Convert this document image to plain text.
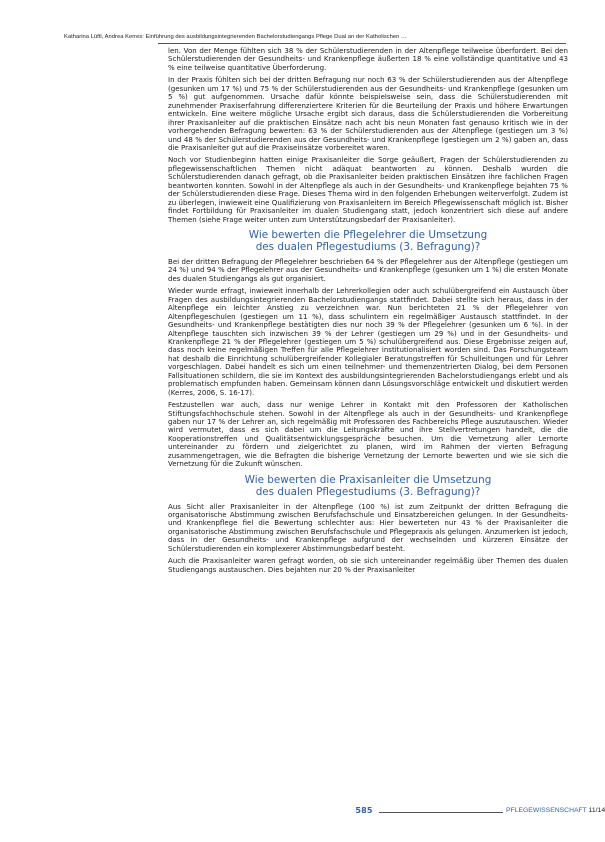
Katharina Lüftl, Andrea Kerres: Einführung des ausbildungsintegrierenden Bachelorstudiengangs Pflege Dual an der Katholischen …

len. Von der Menge fühlten sich 38 % der Schülerstudierenden in der Altenpflege teilweise überfordert. Bei den Schülerstudierenden der Gesundheits- und Krankenpflege äußerten 18 % eine vollständige quantitative und 43 % eine teilweise quantitative Überforderung.

In der Praxis fühlten sich bei der dritten Befragung nur noch 63 % der Schülerstudierenden aus der Altenpflege (gesunken um 17 %) und 75 % der Schülerstudierenden aus der Gesundheits- und Krankenpflege (gesunken um 5 %) gut aufgenommen. Ursache dafür könnte beispielsweise sein, dass die Schülerstudierenden mit zunehmender Praxiserfahrung differenziertere Kriterien für die Beurteilung der Praxis und höhere Erwartungen entwickeln. Eine weitere mögliche Ursache ergibt sich daraus, dass die Schülerstudierenden die Vorbereitung ihrer Praxisanleiter auf die praktischen Einsätze nach acht bis neun Monaten fast genauso kritisch wie in der vorhergehenden Befragung bewerten: 63 % der Schülerstudierenden aus der Altenpflege (gestiegen um 3 %) und 48 % der Schülerstudierenden aus der Gesundheits- und Krankenpflege (gestiegen um 2 %) gaben an, dass die Praxisanleiter gut auf die Praxiseinsätze vorbereitet waren.

Noch vor Studienbeginn hatten einige Praxisanleiter die Sorge geäußert, Fragen der Schülerstudierenden zu pflegewissenschaftlichen Themen nicht adäquat beantworten zu können. Deshalb wurden die Schülerstudierenden danach gefragt, ob die Praxisanleiter beiden praktischen Einsätzen ihre fachlichen Fragen beantworten konnten. Sowohl in der Altenpflege als auch in der Gesundheits- und Krankenpflege bejahten 75 % der Schülerstudierenden diese Frage. Dieses Thema wird in den folgenden Erhebungen weiterverfolgt. Zudem ist zu überlegen, inwieweit eine Qualifizierung von Praxisanleitern im Bereich Pflegewissenschaft möglich ist. Bisher findet Fortbildung für Praxisanleiter im dualen Studiengang statt, jedoch konzentriert sich diese auf andere Themen (siehe Frage weiter unten zum Unterstützungsbedarf der Praxisanleiter).

Wie bewerten die Pflegelehrer die Umsetzung
des dualen Pflegestudiums (3. Befragung)?

Bei der dritten Befragung der Pflegelehrer beschrieben 64 % der Pflegelehrer aus der Altenpflege (gestiegen um 24 %) und 94 % der Pflegelehrer aus der Gesundheits- und Krankenpflege (gesunken um 1 %) die ersten Monate des dualen Studiengangs als gut organisiert.

Wieder wurde erfragt, inwieweit innerhalb der Lehrerkollegien oder auch schulübergreifend ein Austausch über Fragen des ausbildungsintegrierenden Bachelorstudiengangs stattfindet. Dabei stellte sich heraus, dass in der Altenpflege ein leichter Anstieg zu verzeichnen war. Nun berichteten 21 % der Pflegelehrer von Altenpflegeschulen (gestiegen um 11 %), dass schulintern ein regelmäßiger Austausch stattfindet. In der Gesundheits- und Krankenpflege bestätigten dies nur noch 39 % der Pflegelehrer (gesunken um 6 %). In der Altenpflege tauschten sich inzwischen 39 % der Lehrer (gestiegen um 29 %) und in der Gesundheits- und Krankenpflege 21 % der Pflegelehrer (gestiegen um 5 %) schulübergreifend aus. Diese Ergebnisse zeigen auf, dass noch keine regelmäßigen Treffen für alle Pflegelehrer institutionalisiert worden sind. Das Forschungsteam hat deshalb die Einrichtung schulübergreifender Kollegialer Beratungstreffen für Schulleitungen und für Lehrer vorgeschlagen. Dabei handelt es sich um einen teilnehmer- und themenzentrierten Dialog, bei dem Personen Fallsituationen schildern, die sie im Kontext des ausbildungsintegrierenden Bachelorstudiengangs erlebt und als problematisch empfunden haben. Gemeinsam können dann Lösungsvorschläge entwickelt und diskutiert werden (Kerres, 2006, S. 16-17).

Festzustellen war auch, dass nur wenige Lehrer in Kontakt mit den Professoren der Katholischen Stiftungsfachhochschule stehen. Sowohl in der Altenpflege als auch in der Gesundheits- und Krankenpflege gaben nur 17 % der Lehrer an, sich regelmäßig mit Professoren des Fachbereichs Pflege auszutauschen. Wieder wird vermutet, dass es sich dabei um die Leitungskräfte und ihre Stellvertretungen handelt, die die Kooperationstreffen und Qualitätsentwicklungsgespräche besuchen. Um die Vernetzung aller Lernorte untereinander zu fördern und zielgerichtet zu planen, wird im Rahmen der vierten Befragung zusammengetragen, wie die Befragten die bisherige Vernetzung der Lernorte bewerten und wie sie sich die Vernetzung für die Zukunft wünschen.

Wie bewerten die Praxisanleiter die Umsetzung
des dualen Pflegestudiums (3. Befragung)?

Aus Sicht aller Praxisanleiter in der Altenpflege (100 %) ist zum Zeitpunkt der dritten Befragung die organisatorische Abstimmung zwischen Berufsfachschule und Einsatzbereichen gelungen. In der Gesundheits- und Krankenpflege fiel die Bewertung schlechter aus: Hier bewerteten nur 43 % der Praxisanleiter die organisatorische Abstimmung zwischen Berufsfachschule und Pflegepraxis als gelungen. Anzumerken ist jedoch, dass in der Gesundheits- und Krankenpflege aufgrund der wechselnden und kürzeren Einsätze der Schülerstudierenden ein komplexerer Abstimmungsbedarf besteht.

Auch die Praxisanleiter waren gefragt worden, ob sie sich untereinander regelmäßig über Themen des dualen Studiengangs austauschen. Dies bejahten nur 20 % der Praxisanleiter

585	PFLEGEWISSENSCHAFT 11/14
